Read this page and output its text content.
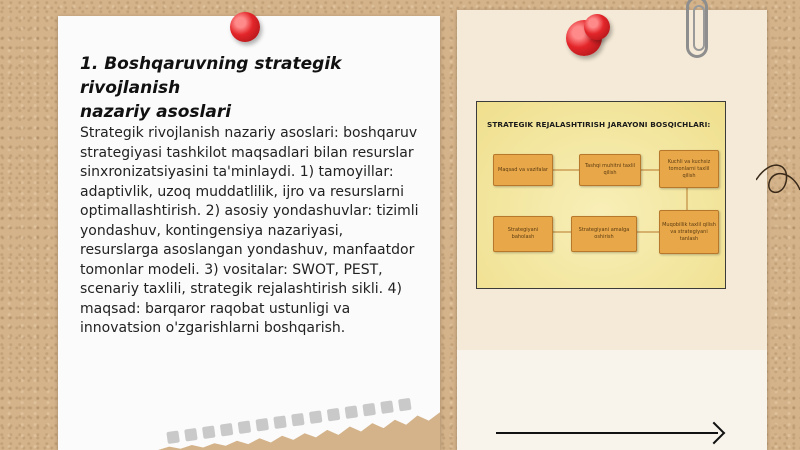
1. Boshqaruvning strategik rivojlanish
nazariy asoslari
Strategik rivojlanish nazariy asoslari: boshqaruv strategiyasi tashkilot maqsadlari bilan resurslar sinxronizatsiyasini ta'minlaydi. 1) tamoyillar: adaptivlik, uzoq muddatlilik, ijro va resurslarni optimallashtirish. 2) asosiy yondashuvlar: tizimli yondashuv, kontingensiya nazariyasi, resurslarga asoslangan yondashuv, manfaatdor tomonlar modeli. 3) vositalar: SWOT, PEST, scenariy taxlili, strategik rejalashtirish sikli. 4) maqsad: barqaror raqobat ustunligi va innovatsion o'zgarishlarni boshqarish.
STRATEGIK REJALASHTIRISH JARAYONI BOSQICHLARI:
Maqsad va vazifalar
Tashqi muhitni taxlil qilish
Kuchli va kuchsiz tomonlarni taxlil qilish
Strategiyani baholash
Strategiyani amalga oshirish
Muqobillik taxlil qilish va strategiyani tanlash
